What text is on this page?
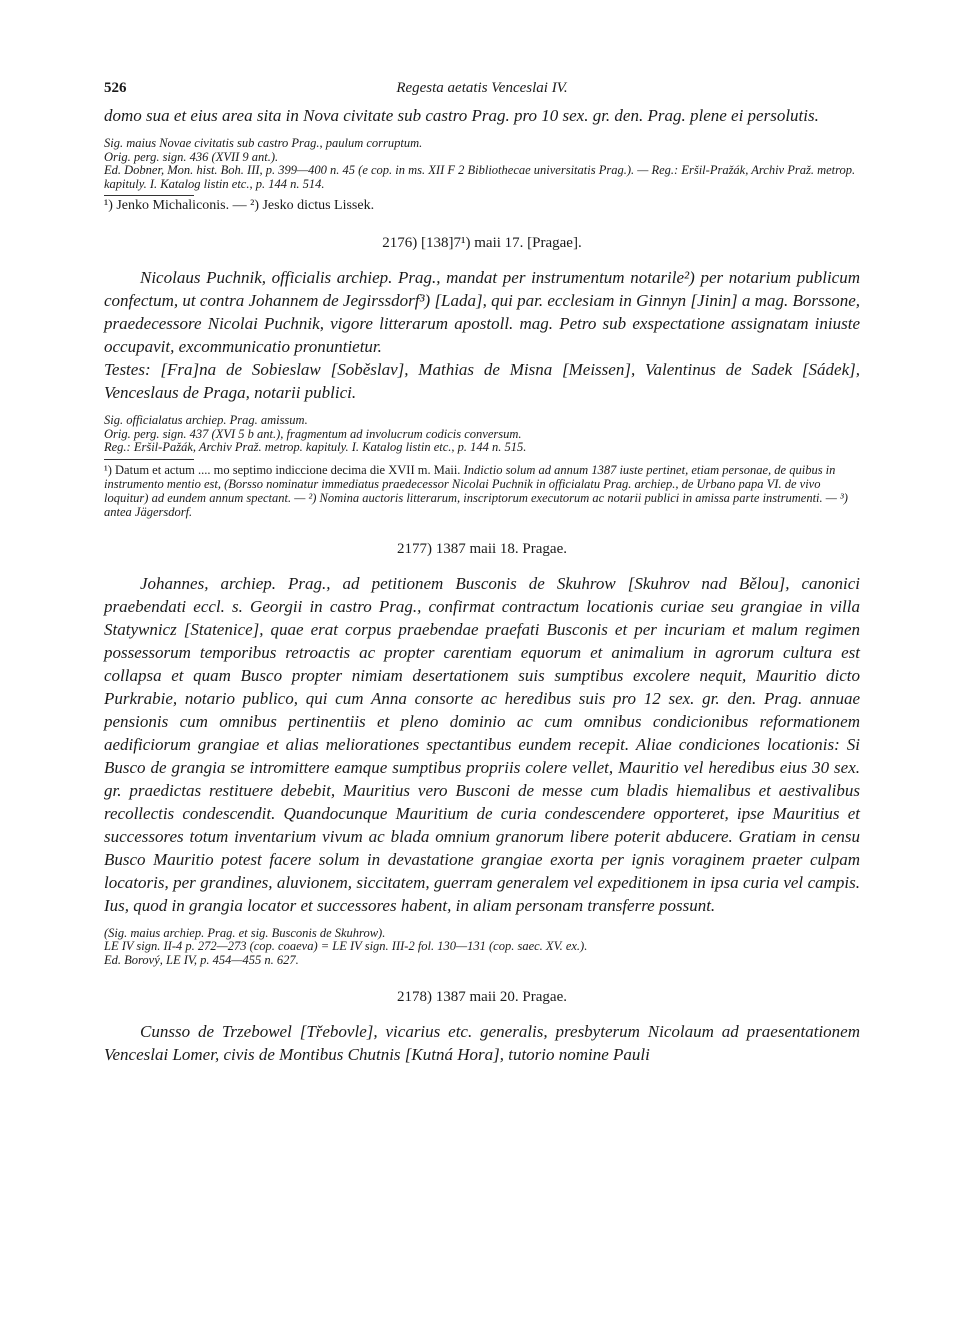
526	Regesta aetatis Venceslai IV.

domo sua et eius area sita in Nova civitate sub castro Prag. pro 10 sex. gr. den. Prag. plene ei persolutis.

Sig. maius Novae civitatis sub castro Prag., paulum corruptum.

Orig. perg. sign. 436 (XVII 9 ant.).

Ed. Dobner, Mon. hist. Boh. III, p. 399—400 n. 45 (e cop. in ms. XII F 2 Bibliothecae universitatis Prag.). — Reg.: Eršil-Pražák, Archiv Praž. metrop. kapituly. I. Katalog listin etc., p. 144 n. 514.

¹) Jenko Michaliconis. — ²) Jesko dictus Lissek.

2176) [138]7¹) maii 17. [Pragae].

Nicolaus Puchnik, officialis archiep. Prag., mandat per instrumentum notarile²) per notarium publicum confectum, ut contra Johannem de Jegirssdorf³) [Lada], qui par. ecclesiam in Ginnyn [Jinin] a mag. Borssone, praedecessore Nicolai Puchnik, vigore litterarum apostoll. mag. Petro sub exspectatione assignatam iniuste occupavit, excommunicatio pronuntietur.

Testes: [Fra]na de Sobieslaw [Soběslav], Mathias de Misna [Meissen], Valentinus de Sadek [Sádek], Venceslaus de Praga, notarii publici.

Sig. officialatus archiep. Prag. amissum.

Orig. perg. sign. 437 (XVI 5 b ant.), fragmentum ad involucrum codicis conversum.

Reg.: Eršil-Pažák, Archiv Praž. metrop. kapituly. I. Katalog listin etc., p. 144 n. 515.

¹) Datum et actum .... mo septimo indiccione decima die XVII m. Maii. Indictio solum ad annum 1387 iuste pertinet, etiam personae, de quibus in instrumento mentio est, (Borsso nominatur immediatus praedecessor Nicolai Puchnik in officialatu Prag. archiep., de Urbano papa VI. de vivo loquitur) ad eundem annum spectant. — ²) Nomina auctoris litterarum, inscriptorum executorum ac notarii publici in amissa parte instrumenti. — ³) antea Jägersdorf.

2177) 1387 maii 18. Pragae.

Johannes, archiep. Prag., ad petitionem Busconis de Skuhrow [Skuhrov nad Bělou], canonici praebendati eccl. s. Georgii in castro Prag., confirmat contractum locationis curiae seu grangiae in villa Statywnicz [Statenice], quae erat corpus praebendae praefati Busconis et per incuriam et malum regimen possessorum temporibus retroactis ac propter carentiam equorum et animalium in agrorum cultura est collapsa et quam Busco propter nimiam desertationem suis sumptibus excolere nequit, Mauritio dicto Purkrabie, notario publico, qui cum Anna consorte ac heredibus suis pro 12 sex. gr. den. Prag. annuae pensionis cum omnibus pertinentiis et pleno dominio ac cum omnibus condicionibus reformationem aedificiorum grangiae et alias meliorationes spectantibus eundem recepit. Aliae condiciones locationis: Si Busco de grangia se intromittere eamque sumptibus propriis colere vellet, Mauritio vel heredibus eius 30 sex. gr. praedictas restituere debebit, Mauritius vero Busconi de messe cum bladis hiemalibus et aestivalibus recollectis condescendit. Quandocunque Mauritium de curia condescendere opporteret, ipse Mauritius et successores totum inventarium vivum ac blada omnium granorum libere poterit abducere. Gratiam in censu Busco Mauritio potest facere solum in devastatione grangiae exorta per ignis voraginem praeter culpam locatoris, per grandines, aluvionem, siccitatem, guerram generalem vel expeditionem in ipsa curia vel campis. Ius, quod in grangia locator et successores habent, in aliam personam transferre possunt.

(Sig. maius archiep. Prag. et sig. Busconis de Skuhrow).

LE IV sign. II-4 p. 272—273 (cop. coaeva) = LE IV sign. III-2 fol. 130—131 (cop. saec. XV. ex.).

Ed. Borový, LE IV, p. 454—455 n. 627.

2178) 1387 maii 20. Pragae.

Cunsso de Trzebowel [Třebovle], vicarius etc. generalis, presbyterum Nicolaum ad praesentationem Venceslai Lomer, civis de Montibus Chutnis [Kutná Hora], tutorio nomine Pauli
